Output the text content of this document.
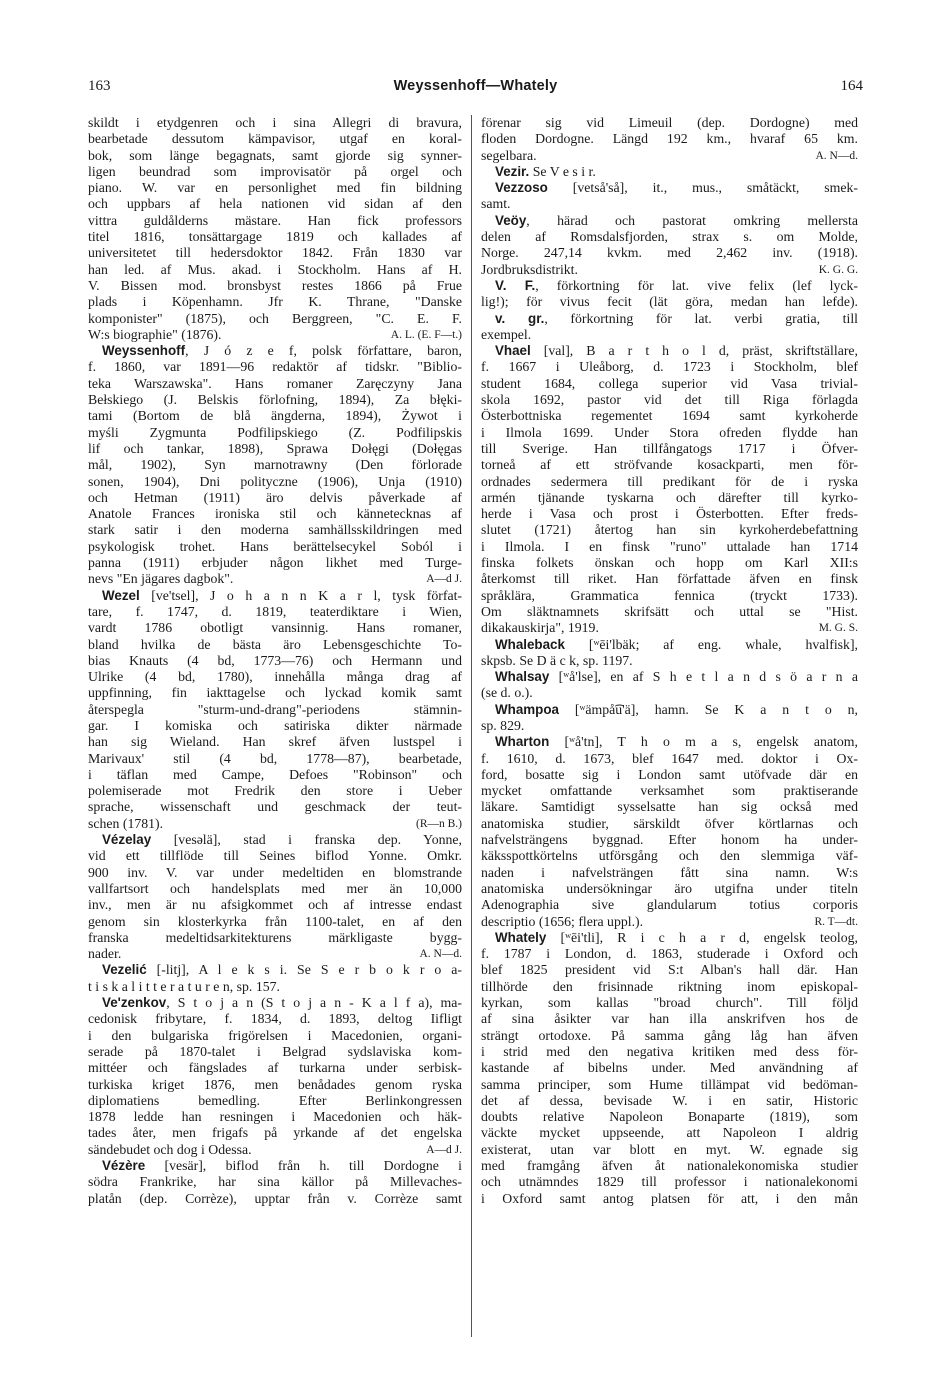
163	Weyssenhoff—Whately	164
skildt i etydgenren och i sina Allegri di bravura,
bearbetade dessutom kämpavisor, utgaf en koral-
bok, som länge begagnats, samt gjorde sig synner-
ligen beundrad som improvisatör på orgel och
piano. W. var en personlighet med fin bildning
och uppbars af hela nationen vid sidan af den
vittra guldålderns mästare. Han fick professors
titel 1816, tonsättargage 1819 och kallades af
universitetet till hedersdoktor 1842. Från 1830 var
han led. af Mus. akad. i Stockholm. Hans af H.
V. Bissen mod. bronsbyst restes 1866 på Frue
plads i Köpenhamn. Jfr K. Thrane, "Danske
komponister" (1875), och Berggreen, "C. E. F.
A. L. (E. F—t.)
W:s biographie" (1876).
Weyssenhoff, J ó z e f, polsk författare, baron,
f. 1860, var 1891—96 redaktör af tidskr. "Biblio-
teka Warszawska". Hans romaner Zaręczyny Jana
Bełskiego (J. Belskis förlofning, 1894), Za błęki-
tami (Bortom de blå ängderna, 1894), Żywot i
myśli Zygmunta Podfilipskiego (Z. Podfilipskis
lif och tankar, 1898), Sprawa Dołęgi (Dołęgas
mål, 1902), Syn marnotrawny (Den förlorade
sonen, 1904), Dni polityczne (1906), Unja (1910)
och Hetman (1911) äro delvis påverkade af
Anatole Frances ironiska stil och kännetecknas af
stark satir i den moderna samhällsskildringen med
psykologisk trohet. Hans berättelsecykel Soból i
panna (1911) erbjuder någon likhet med Turge-
A—d J.
nevs "En jägares dagbok".
Wezel [ve'tsel], J o h a n n K a r l, tysk förfat-
tare, f. 1747, d. 1819, teaterdiktare i Wien,
vardt 1786 obotligt vansinnig. Hans romaner,
bland hvilka de bästa äro Lebensgeschichte To-
bias Knauts (4 bd, 1773—76) och Hermann und
Ulrike (4 bd, 1780), innehålla många drag af
uppfinning, fin iakttagelse och lyckad komik samt
återspegla "sturm-und-drang"-periodens stämnin-
gar. I komiska och satiriska dikter närmade
han sig Wieland. Han skref äfven lustspel i
Marivaux' stil (4 bd, 1778—87), bearbetade,
i täflan med Campe, Defoes "Robinson" och
polemiserade mot Fredrik den store i Ueber
sprache, wissenschaft und geschmack der teut-
(R—n B.)
schen (1781).
Vézelay [vesəlä], stad i franska dep. Yonne,
vid ett tillflöde till Seines biflod Yonne. Omkr.
900 inv. V. var under medeltiden en blomstrande
vallfartsort och handelsplats med mer än 10,000
inv., men är nu afsigkommet och af intresse endast
genom sin klosterkyrka från 1100-talet, en af den
franska medeltidsarkitekturens märkligaste bygg-
A. N—d.
nader.
Vezelić [-litj], A l e k s i. Se S e r b o k r o a-
t i s k a l i t t e r a t u r e n, sp. 157.
Ve'zenkov, S t o j a n (S t o j a n - K a l f a), ma-
cedonisk fribytare, f. 1834, d. 1893, deltog Iifligt
i den bulgariska frigörelsen i Macedonien, organi-
serade på 1870-talet i Belgrad sydslaviska kom-
mittéer och fängslades af turkarna under serbisk-
turkiska kriget 1876, men benådades genom ryska
diplomatiens bemedling. Efter Berlinkongressen
1878 ledde han resningen i Macedonien och häk-
tades åter, men frigafs på yrkande af det engelska
A—d J.
sändebudet och dog i Odessa.
Vézère [vesär], biflod från h. till Dordogne i
södra Frankrike, har sina källor på Millevaches-
platån (dep. Corrèze), upptar från v. Corrèze samt
förenar sig vid Limeuil (dep. Dordogne) med
floden Dordogne. Längd 192 km., hvaraf 65 km.
A. N—d.
segelbara.
Vezir. Se V e s i r.
Vezzoso [vetså'så], it., mus., småtäckt, smek-
samt.
Veöy, härad och pastorat omkring mellersta
delen af Romsdalsfjorden, strax s. om Molde,
Norge. 247,14 kvkm. med 2,462 inv. (1918).
K. G. G.
Jordbruksdistrikt.
V. F., förkortning för lat. vive felix (lef lyck-
lig!); för vivus fecit (lät göra, medan han lefde).
v. gr., förkortning för lat. verbi gratia, till
exempel.
Vhael [val], B a r t h o l d, präst, skriftställare,
f. 1667 i Uleåborg, d. 1723 i Stockholm, blef
student 1684, collega superior vid Vasa trivial-
skola 1692, pastor vid det till Riga förlagda
Österbottniska regementet 1694 samt kyrkoherde
i Ilmola 1699. Under Stora ofreden flydde han
till Sverige. Han tillfångatogs 1717 i Öfver-
torneå af ett ströfvande kosackparti, men för-
ordnades sedermera till predikant för de i ryska
armén tjänande tyskarna och därefter till kyrko-
herde i Vasa och prost i Österbotten. Efter freds-
slutet (1721) återtog han sin kyrkoherdebefattning
i Ilmola. I en finsk "runo" uttalade han 1714
finska folkets önskan och hopp om Karl XII:s
återkomst till riket. Han författade äfven en finsk
språklära, Grammatica fennica (tryckt 1733).
Om släktnamnets skrifsätt och uttal se "Hist.
M. G. S.
dikakauskirja", 1919.
Whaleback [ʷēi'lbäk; af eng. whale, hvalfisk],
skpsb. Se D ä c k, sp. 1197.
Whalsay [ʷå'lse], en af S h e t l a n d s ö a r n a
(se d. o.).
Whampoa [ʷämpå͡u'ä], hamn. Se K a n t o n,
sp. 829.
Wharton [ʷå'tn], T h o m a s, engelsk anatom,
f. 1610, d. 1673, blef 1647 med. doktor i Ox-
ford, bosatte sig i London samt utöfvade där en
mycket omfattande verksamhet som praktiserande
läkare. Samtidigt sysselsatte han sig också med
anatomiska studier, särskildt öfver körtlarnas och
nafvelsträngens byggnad. Efter honom ha under-
käksspottkörtelns utförsgång och den slemmiga väf-
naden i nafvelsträngen fått sina namn. W:s
anatomiska undersökningar äro utgifna under titeln
Adenographia sive glandularum totius corporis
R. T—dt.
descriptio (1656; flera uppl.).
Whately [ʷēi'tli], R i c h a r d, engelsk teolog,
f. 1787 i London, d. 1863, studerade i Oxford och
blef 1825 president vid S:t Alban's hall där. Han
tillhörde den frisinnade riktning inom episkopal-
kyrkan, som kallas "broad church". Till följd
af sina åsikter var han illa anskrifven hos de
strängt ortodoxe. På samma gång låg han äfven
i strid med den negativa kritiken med dess för-
kastande af bibelns under. Med användning af
samma principer, som Hume tillämpat vid bedöman-
det af dessa, bevisade W. i en satir, Historic
doubts relative Napoleon Bonaparte (1819), som
väckte mycket uppseende, att Napoleon I aldrig
existerat, utan var blott en myt. W. egnade sig
med framgång äfven åt nationalekonomiska studier
och utnämndes 1829 till professor i nationalekonomi
i Oxford samt antog platsen för att, i den mån
